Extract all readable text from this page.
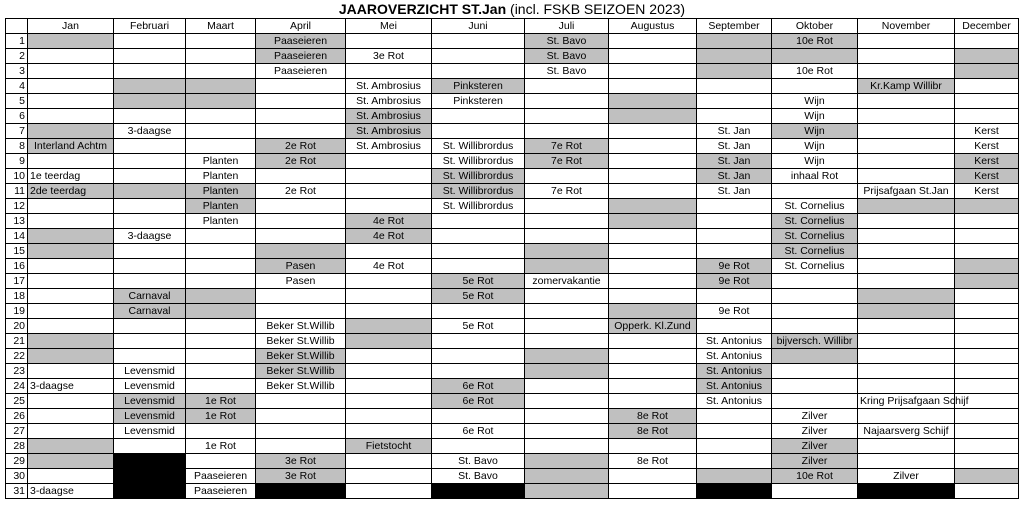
JAAROVERZICHT ST.Jan (incl. FSKB SEIZOEN 2023)
	Jan	Februari	Maart	April	Mei	Juni	Juli	Augustus	September	Oktober	November	December
1				Paaseieren			St. Bavo			10e Rot		
2				Paaseieren	3e Rot		St. Bavo					
3				Paaseieren			St. Bavo			10e Rot		
4					St. Ambrosius	Pinksteren					Kr.Kamp Willibr	
5					St. Ambrosius	Pinksteren				Wijn		
6					St. Ambrosius					Wijn		
7		3-daagse			St. Ambrosius				St. Jan	Wijn		Kerst
8	Interland Achtm			2e Rot	St. Ambrosius	St. Willibrordus	7e Rot		St. Jan	Wijn		Kerst
9			Planten	2e Rot		St. Willibrordus	7e Rot		St. Jan	Wijn		Kerst
10	1e teerdag		Planten			St. Willibrordus			St. Jan	inhaal Rot		Kerst
11	2de teerdag		Planten	2e Rot		St. Willibrordus	7e Rot		St. Jan		Prijsafgaan St.Jan	Kerst
12			Planten			St. Willibrordus				St. Cornelius		
13			Planten		4e Rot					St. Cornelius		
14		3-daagse			4e Rot					St. Cornelius		
15										St. Cornelius		
16				Pasen	4e Rot				9e Rot	St. Cornelius		
17				Pasen		5e Rot	zomervakantie		9e Rot			
18		Carnaval				5e Rot						
19		Carnaval							9e Rot			
20				Beker St.Willib		5e Rot		Opperk. Kl.Zund				
21				Beker St.Willib					St. Antonius	bijversch. Willibr		
22				Beker St.Willib					St. Antonius			
23		Levensmid		Beker St.Willib					St. Antonius			
24	3-daagse	Levensmid		Beker St.Willib		6e Rot			St. Antonius			
25		Levensmid	1e Rot			6e Rot			St. Antonius		Kring Prijsafgaan Schijf	
26		Levensmid	1e Rot					8e Rot		Zilver		
27		Levensmid				6e Rot		8e Rot		Zilver	Najaarsverg Schijf	
28			1e Rot		Fietstocht					Zilver		
29				3e Rot		St. Bavo		8e Rot		Zilver		
30			Paaseieren	3e Rot		St. Bavo				10e Rot	Zilver	
31	3-daagse		Paaseieren									
